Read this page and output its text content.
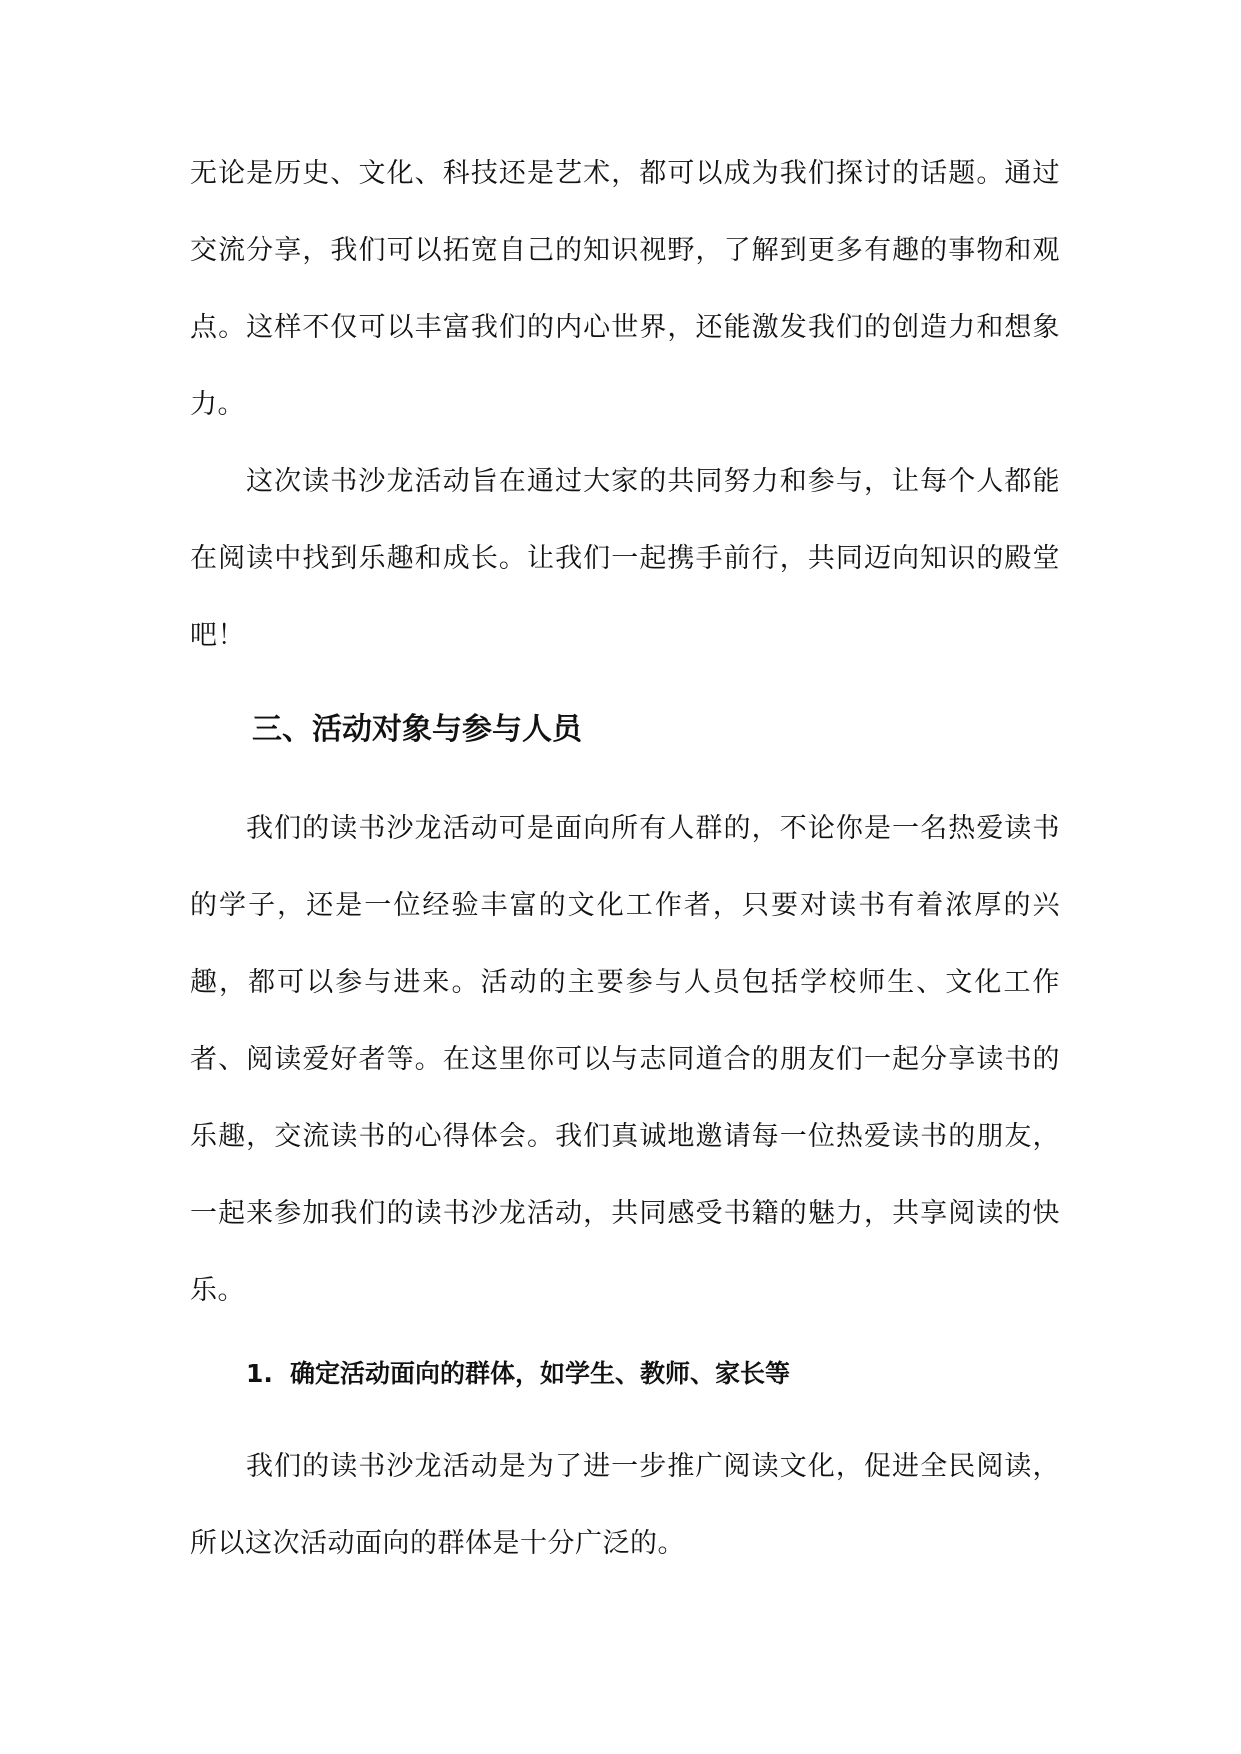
无论是历史、文化、科技还是艺术，都可以成为我们探讨的话题。通过交流分享，我们可以拓宽自己的知识视野，了解到更多有趣的事物和观点。这样不仅可以丰富我们的内心世界，还能激发我们的创造力和想象力。

这次读书沙龙活动旨在通过大家的共同努力和参与，让每个人都能在阅读中找到乐趣和成长。让我们一起携手前行，共同迈向知识的殿堂吧！

三、活动对象与参与人员

我们的读书沙龙活动可是面向所有人群的，不论你是一名热爱读书的学子，还是一位经验丰富的文化工作者，只要对读书有着浓厚的兴趣，都可以参与进来。活动的主要参与人员包括学校师生、文化工作者、阅读爱好者等。在这里你可以与志同道合的朋友们一起分享读书的乐趣，交流读书的心得体会。我们真诚地邀请每一位热爱读书的朋友，一起来参加我们的读书沙龙活动，共同感受书籍的魅力，共享阅读的快乐。

1. 确定活动面向的群体，如学生、教师、家长等

我们的读书沙龙活动是为了进一步推广阅读文化，促进全民阅读，所以这次活动面向的群体是十分广泛的。
